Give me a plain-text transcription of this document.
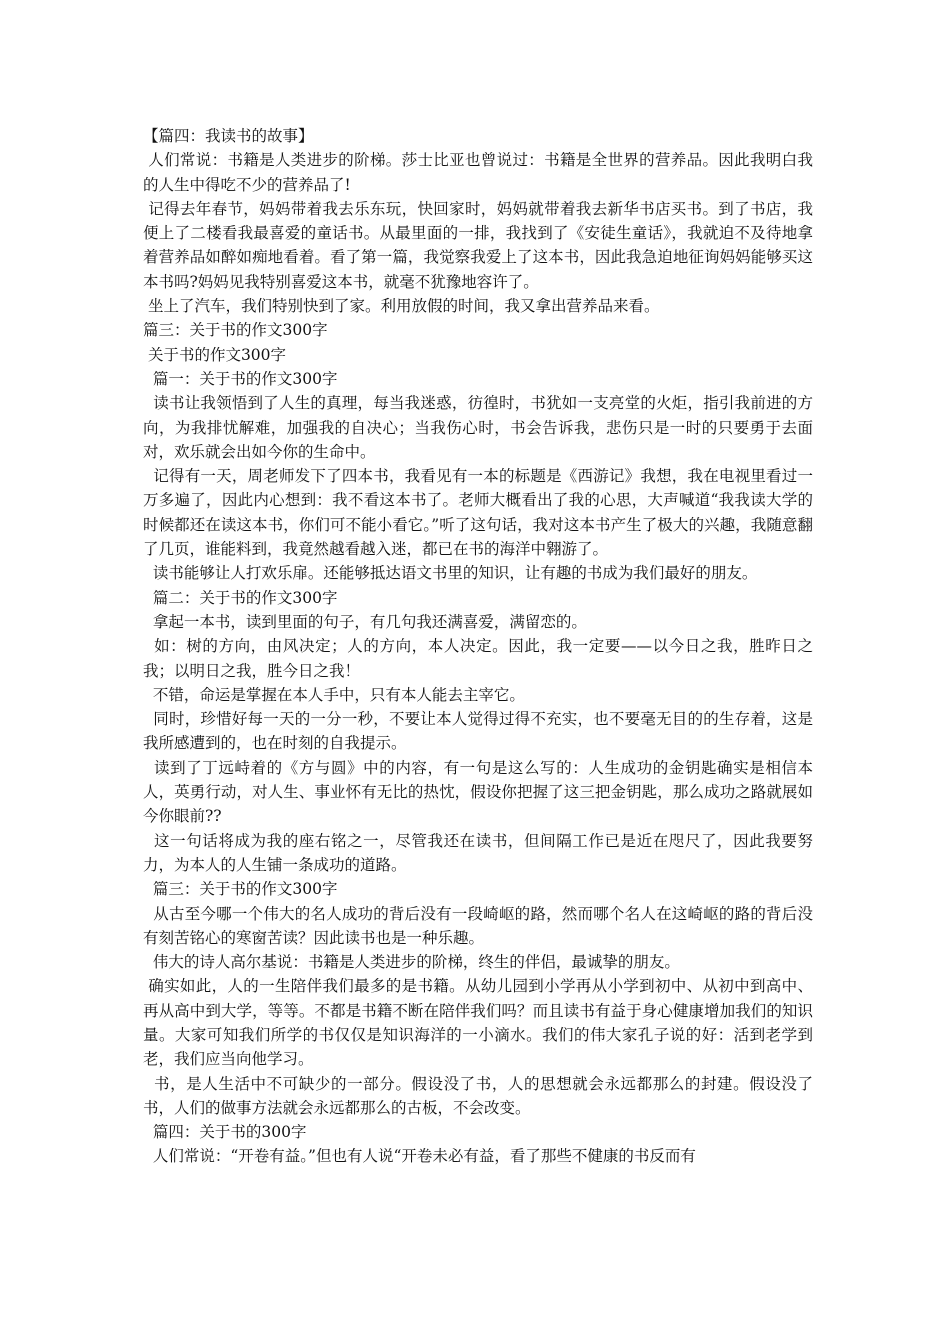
【篇四：我读书的故事】

人们常说：书籍是人类进步的阶梯。莎士比亚也曾说过：书籍是全世界的营养品。因此我明白我的人生中得吃不少的营养品了!

记得去年春节，妈妈带着我去乐东玩，快回家时，妈妈就带着我去新华书店买书。到了书店，我便上了二楼看我最喜爱的童话书。从最里面的一排，我找到了《安徒生童话》，我就迫不及待地拿着营养品如醉如痴地看着。看了第一篇，我觉察我爱上了这本书，因此我急迫地征询妈妈能够买这本书吗?妈妈见我特别喜爱这本书，就毫不犹豫地容许了。

坐上了汽车，我们特别快到了家。利用放假的时间，我又拿出营养品来看。

篇三：关于书的作文300字

关于书的作文300字

篇一：关于书的作文300字

读书让我领悟到了人生的真理，每当我迷惑，彷徨时，书犹如一支亮堂的火炬，指引我前进的方向，为我排忧解难，加强我的自决心；当我伤心时，书会告诉我，悲伤只是一时的只要勇于去面对，欢乐就会出如今你的生命中。

记得有一天，周老师发下了四本书，我看见有一本的标题是《西游记》我想，我在电视里看过一万多遍了，因此内心想到：我不看这本书了。老师大概看出了我的心思，大声喊道“我我读大学的时候都还在读这本书，你们可不能小看它。”听了这句话，我对这本书产生了极大的兴趣，我随意翻了几页，谁能料到，我竟然越看越入迷，都已在书的海洋中翱游了。

读书能够让人打欢乐扉。还能够抵达语文书里的知识，让有趣的书成为我们最好的朋友。

篇二：关于书的作文300字

拿起一本书，读到里面的句子，有几句我还满喜爱，满留恋的。

如：树的方向，由风决定；人的方向，本人决定。因此，我一定要——以今日之我，胜昨日之我；以明日之我，胜今日之我！

不错，命运是掌握在本人手中，只有本人能去主宰它。

同时，珍惜好每一天的一分一秒，不要让本人觉得过得不充实，也不要毫无目的的生存着，这是我所感遭到的，也在时刻的自我提示。

读到了丁远峙着的《方与圆》中的内容，有一句是这么写的：人生成功的金钥匙确实是相信本人，英勇行动，对人生、事业怀有无比的热忱，假设你把握了这三把金钥匙，那么成功之路就展如今你眼前??

这一句话将成为我的座右铭之一，尽管我还在读书，但间隔工作已是近在咫尺了，因此我要努力，为本人的人生铺一条成功的道路。

篇三：关于书的作文300字

从古至今哪一个伟大的名人成功的背后没有一段崎岖的路，然而哪个名人在这崎岖的路的背后没有刻苦铭心的寒窗苦读？因此读书也是一种乐趣。

伟大的诗人高尔基说：书籍是人类进步的阶梯，终生的伴侣，最诚挚的朋友。

确实如此，人的一生陪伴我们最多的是书籍。从幼儿园到小学再从小学到初中、从初中到高中、再从高中到大学，等等。不都是书籍不断在陪伴我们吗？而且读书有益于身心健康增加我们的知识量。大家可知我们所学的书仅仅是知识海洋的一小滴水。我们的伟大家孔子说的好：活到老学到老，我们应当向他学习。

书，是人生活中不可缺少的一部分。假设没了书，人的思想就会永远都那么的封建。假设没了书，人们的做事方法就会永远都那么的古板，不会改变。

篇四：关于书的300字

人们常说：“开卷有益。”但也有人说“开卷未必有益，看了那些不健康的书反而有
